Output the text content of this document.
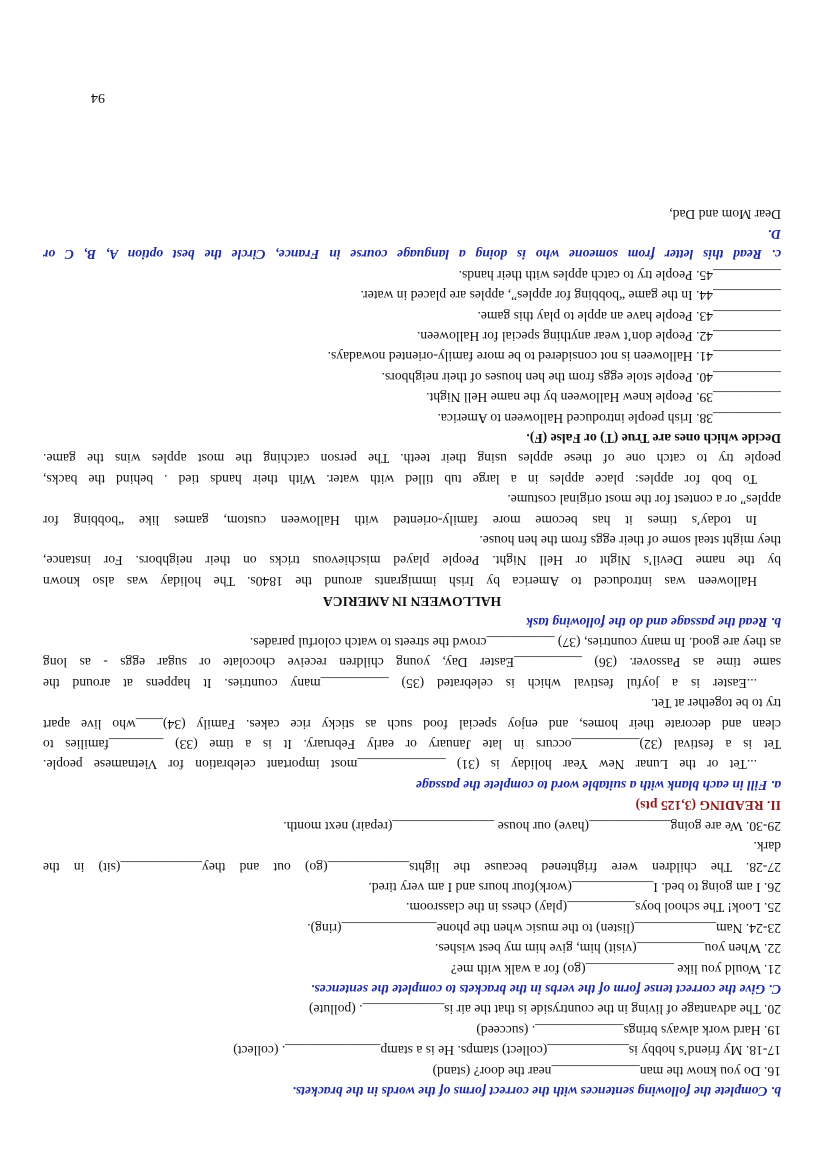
b. Complete the following sentences with the correct forms of the words in the brackets.
16. Do you know the man_____________near the door? (stand)
17-18. My friend’s hobby is____________(collect) stamps. He is a stamp______________. (collect)
19. Hard work always brings_____________. (succeed)
20. The advantage of living in the countryside is that the air is____________. (pollute)
C. Give the correct tense form of the verbs in the brackets to complete the sentences.
21. Would you like _____________(go) for a walk with me?
22. When you__________(visit) him, give him my best wishes.
23-24. Nam____________(listen) to the music when the phone______________(ring).
25. Look! The school boys__________(play) chess in the classroom.
26. I am going to bed. I____________(work)four hours and I am very tired.
27-28. The children were frightened because the lights____________(go) out and they____________(sit) in the
dark.
29-30. We are going____________(have) our house _______________(repair) next month.
II. READING (3,125 pts)
a. Fill in each blank with a suitable word to complete the passage
...Tet or the Lunar New Year holiday is (31) _____________most important celebration for Vietnamese people.
Tet is a festival (32)__________occurs in late January or early February. It is a time (33) ________families to
clean and decorate their homes, and enjoy special food such as sticky rice cakes. Family (34)____who live apart
try to be together at Tet.
...Easter is a joyful festival which is celebrated (35) __________many countries. It happens at around the
same time as Passover. (36) __________Easter Day, young children receive chocolate or sugar eggs - as long
as they are good. In many countries, (37) __________crowd the streets to watch colorful parades.
b. Read the passage and do the following task
HALLOWEEN IN AMERICA
Halloween was introduced to America by Irish immigrants around the 1840s. The holiday was also known
by the name Devil’s Night or Hell Night. People played mischievous tricks on their neighbors. For instance,
they might steal some of their eggs from the hen house.
In today’s times it has become more family-oriented with Halloween custom, games like “bobbing for
apples” or a contest for the most original costume.
To bob for apples: place apples in a large tub tilled with water. With their hands tied . behind the backs,
people try to catch one of these apples using their teeth. The person catching the most apples wins the game.
Decide which ones are True (T) or False (F).
__________38. Irish people introduced Halloween to America.
__________39. People knew Halloween by the name Hell Night.
__________40. People stole eggs from the hen houses of their neighbors.
__________41. Halloween is not considered to be more family-oriented nowadays.
__________42. People don’t wear anything special for Halloween.
__________43. People have an apple to play this game.
__________44. In the game “bobbing for apples”, apples are placed in water.
__________45. People try to catch apples with their hands.
c. Read this letter from someone who is doing a language course in France, Circle the best option A, B, C or
D.
Dear Mom and Dad,
94
